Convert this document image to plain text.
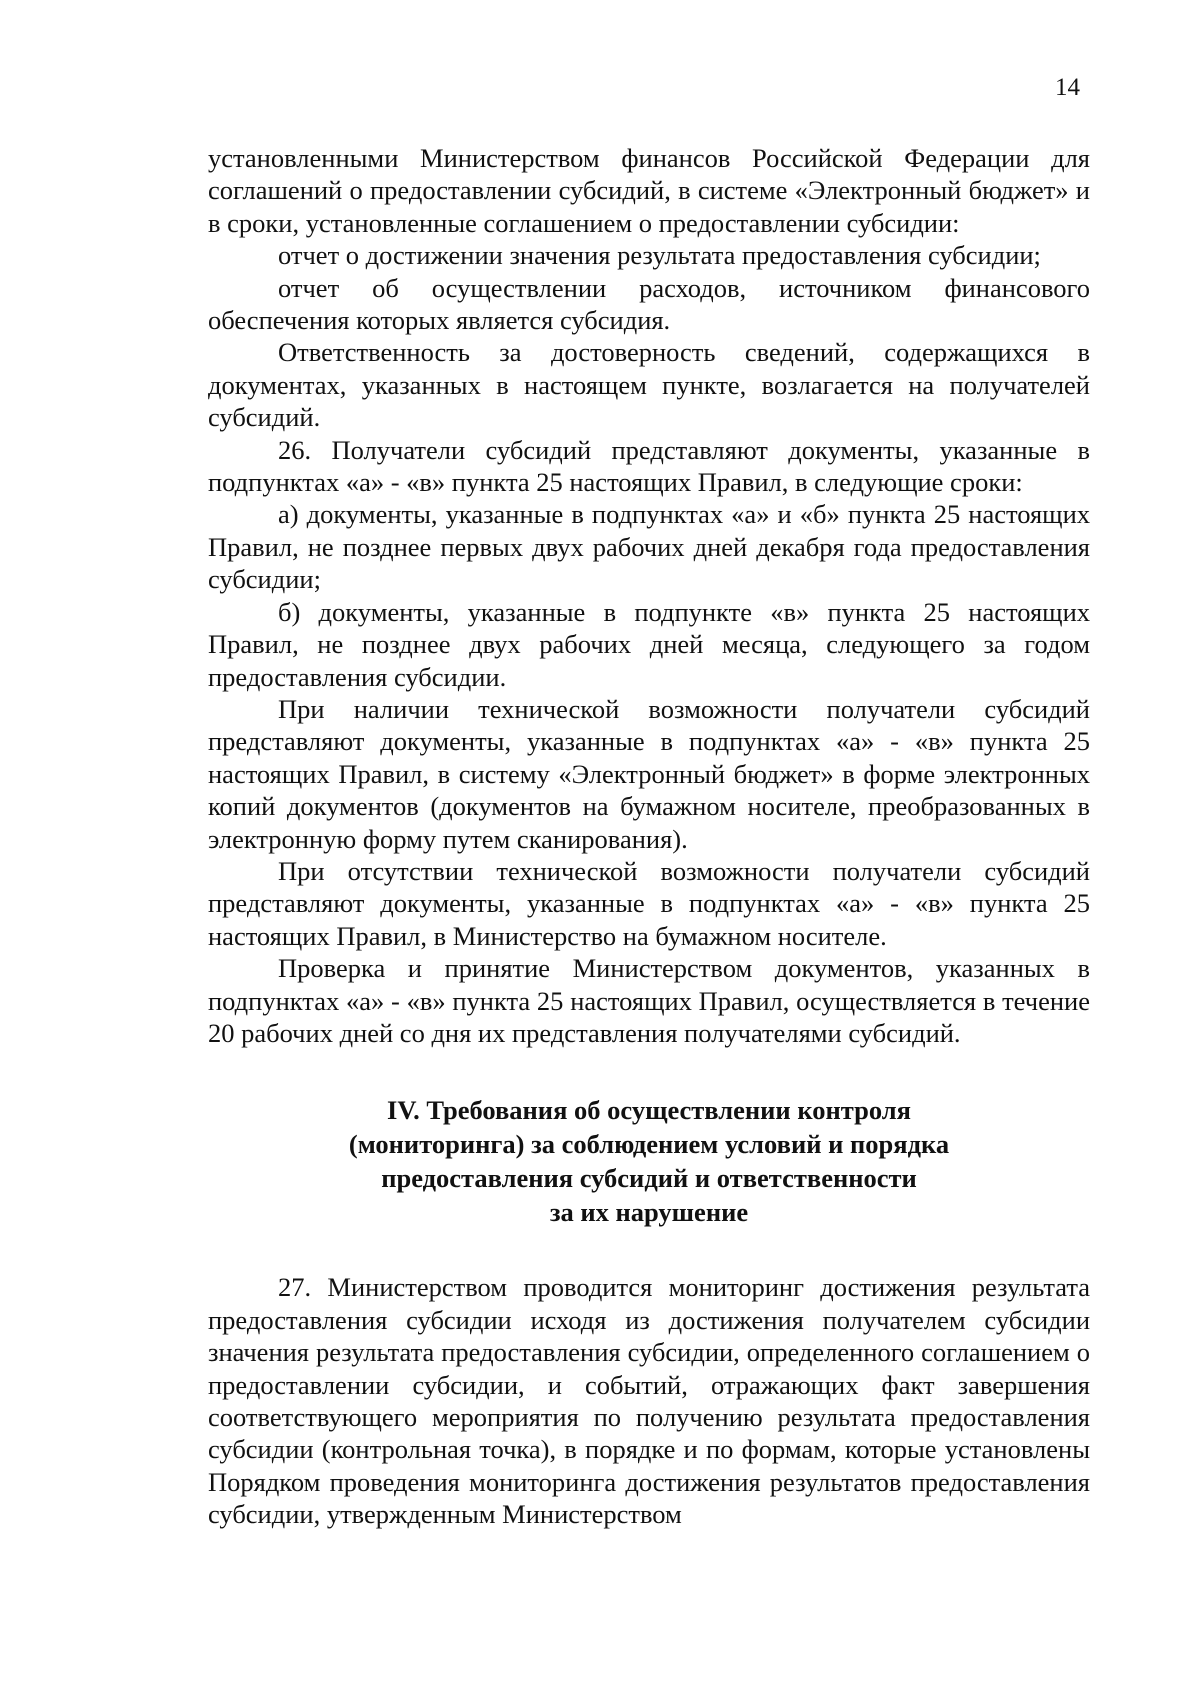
14

установленными Министерством финансов Российской Федерации для соглашений о предоставлении субсидий, в системе «Электронный бюджет» и в сроки, установленные соглашением о предоставлении субсидии:

отчет о достижении значения результата предоставления субсидии;

отчет об осуществлении расходов, источником финансового обеспечения которых является субсидия.

Ответственность за достоверность сведений, содержащихся в документах, указанных в настоящем пункте, возлагается на получателей субсидий.

26. Получатели субсидий представляют документы, указанные в подпунктах «а» - «в» пункта 25 настоящих Правил, в следующие сроки:

а) документы, указанные в подпунктах «а» и «б» пункта 25 настоящих Правил, не позднее первых двух рабочих дней декабря года предоставления субсидии;

б) документы, указанные в подпункте «в» пункта 25 настоящих Правил, не позднее двух рабочих дней месяца, следующего за годом предоставления субсидии.

При наличии технической возможности получатели субсидий представляют документы, указанные в подпунктах «а» - «в» пункта 25 настоящих Правил, в систему «Электронный бюджет» в форме электронных копий документов (документов на бумажном носителе, преобразованных в электронную форму путем сканирования).

При отсутствии технической возможности получатели субсидий представляют документы, указанные в подпунктах «а» - «в» пункта 25 настоящих Правил, в Министерство на бумажном носителе.

Проверка и принятие Министерством документов, указанных в подпунктах «а» - «в» пункта 25 настоящих Правил, осуществляется в течение 20 рабочих дней со дня их представления получателями субсидий.

IV. Требования об осуществлении контроля
(мониторинга) за соблюдением условий и порядка
предоставления субсидий и ответственности
за их нарушение

27. Министерством проводится мониторинг достижения результата предоставления субсидии исходя из достижения получателем субсидии значения результата предоставления субсидии, определенного соглашением о предоставлении субсидии, и событий, отражающих факт завершения соответствующего мероприятия по получению результата предоставления субсидии (контрольная точка), в порядке и по формам, которые установлены Порядком проведения мониторинга достижения результатов предоставления субсидии, утвержденным Министерством
